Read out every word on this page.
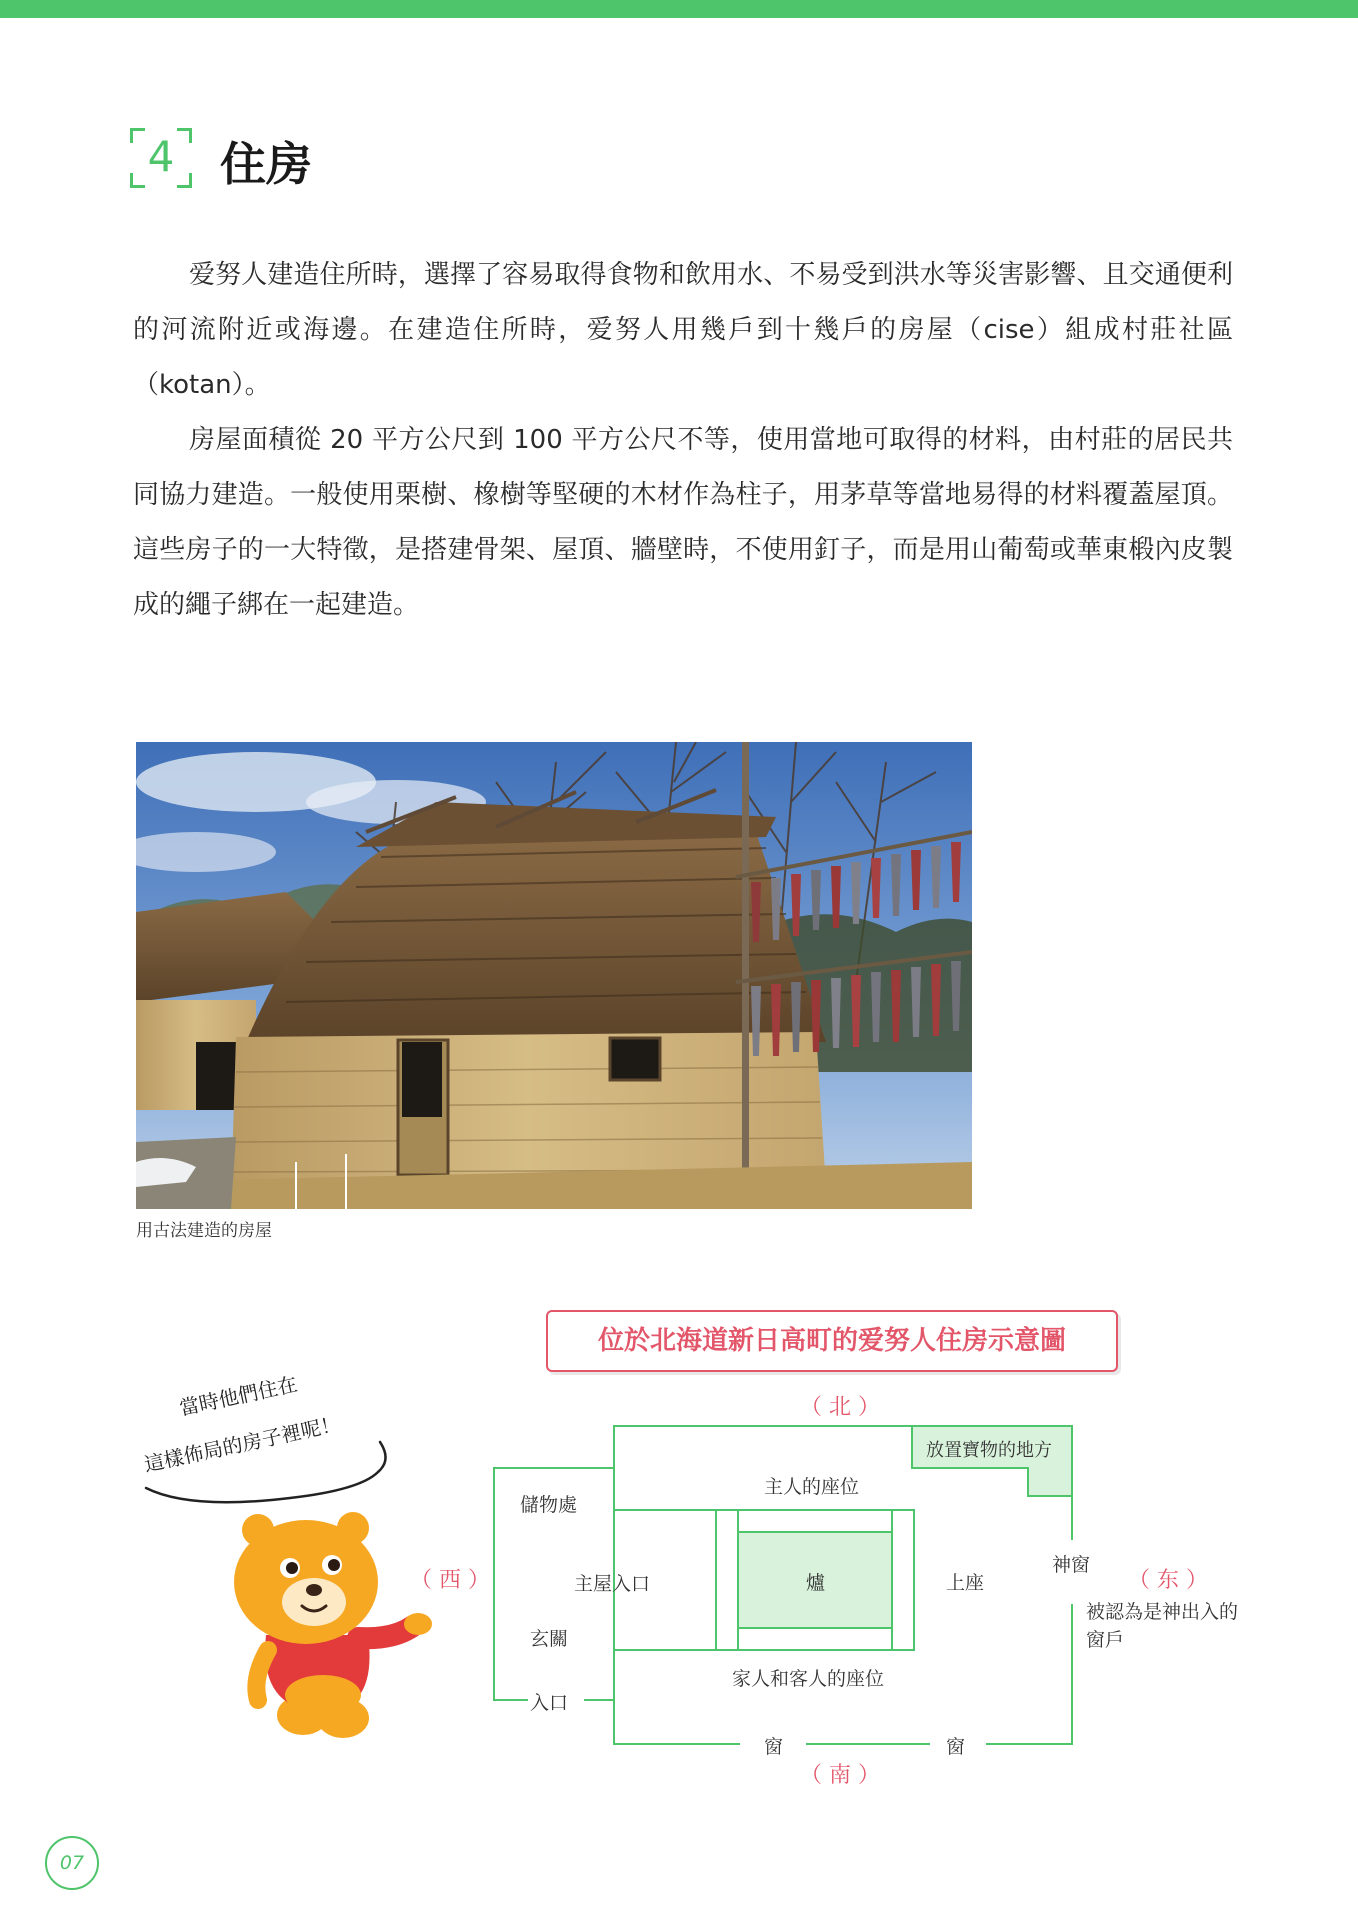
4 住房

爱努人建造住所時，選擇了容易取得食物和飲用水、不易受到洪水等災害影響、且交通便利的河流附近或海邊。在建造住所時，爱努人用幾戶到十幾戶的房屋（cise）組成村莊社區（kotan）。

房屋面積從 20 平方公尺到 100 平方公尺不等，使用當地可取得的材料，由村莊的居民共同協力建造。一般使用栗樹、橡樹等堅硬的木材作為柱子，用茅草等當地易得的材料覆蓋屋頂。這些房子的一大特徵，是搭建骨架、屋頂、牆壁時，不使用釘子，而是用山葡萄或華東椴內皮製成的繩子綁在一起建造。

用古法建造的房屋
位於北海道新日高町的爱努人住房示意圖
（ 北 ）
（ 南 ）
（ 西 ）	（ 东 ）
放置寶物的地方
儲物處
主人的座位
主屋入口	爐	上座
神窗
被認為是神出入的窗戶
玄關
家人和客人的座位
入口
窗	窗
當時他們住在
這樣佈局的房子裡呢！
07
